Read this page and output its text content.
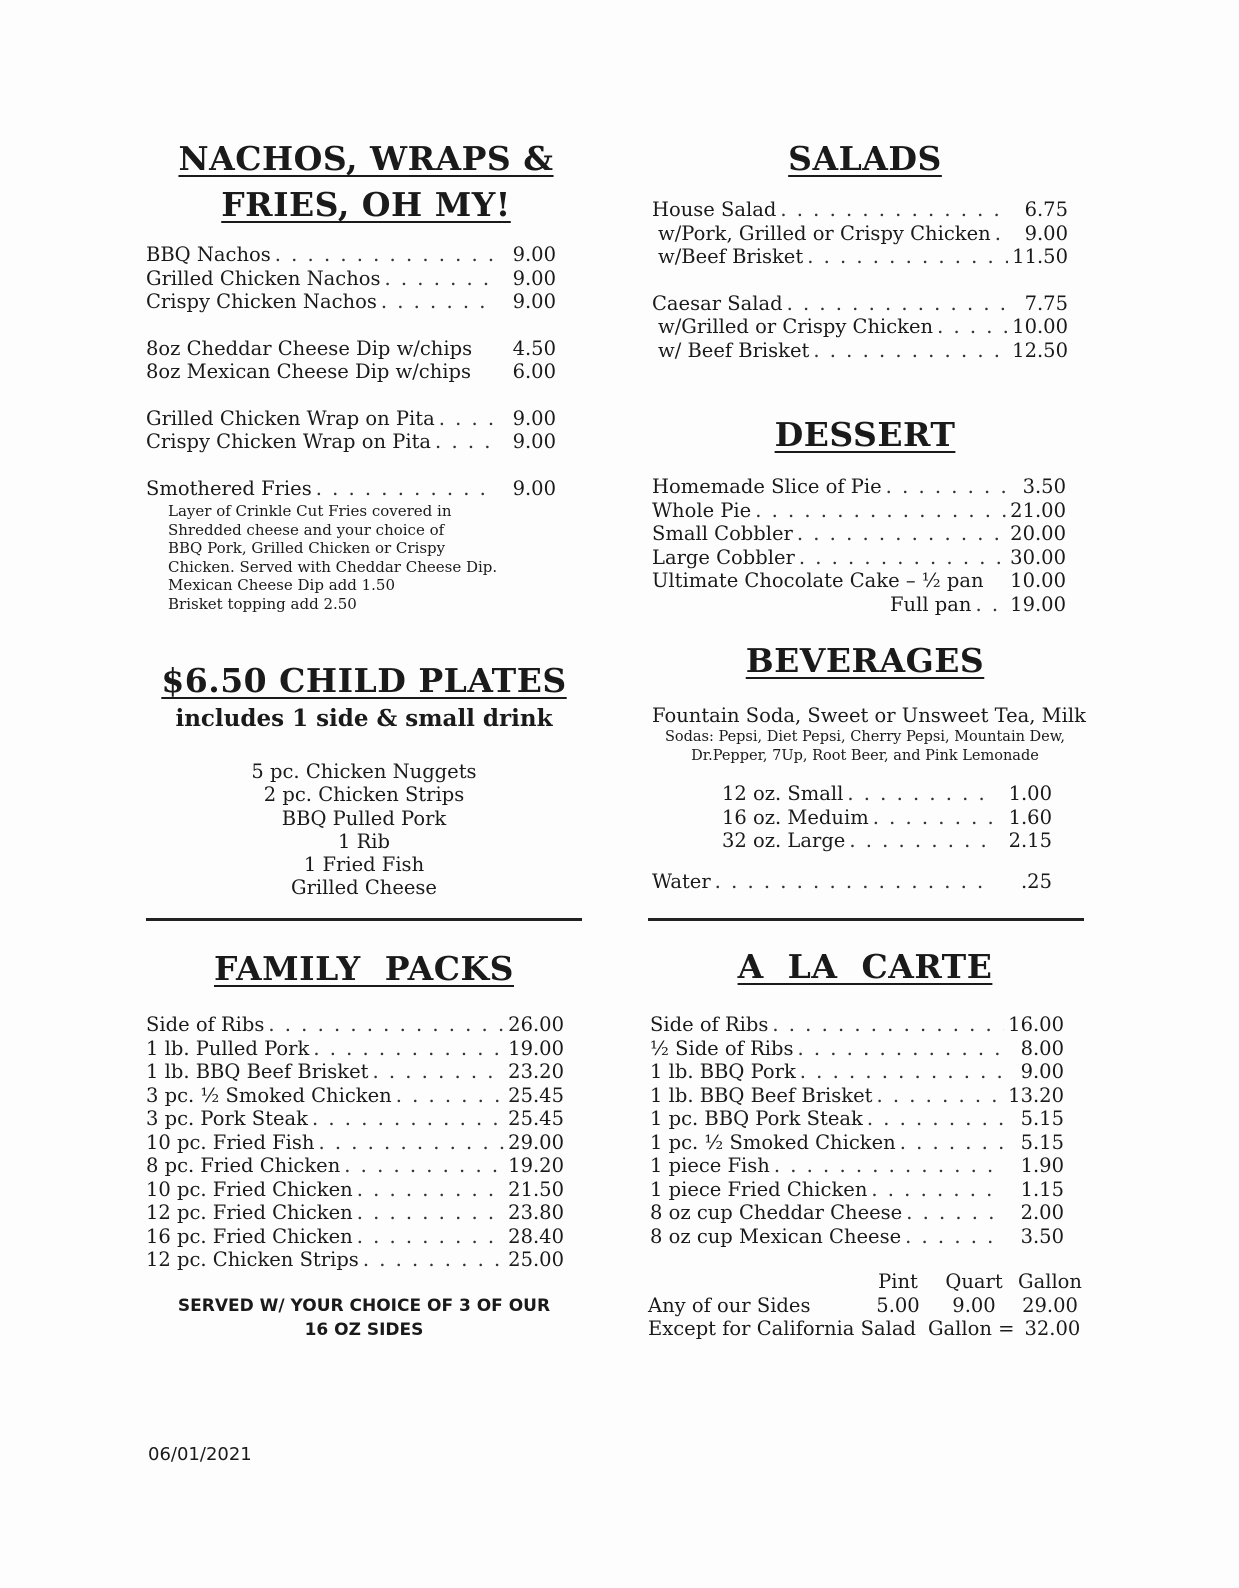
NACHOS, WRAPS &
FRIES, OH MY!
BBQ Nachos . . .	9.00
Grilled Chicken Nachos . . .	9.00
Crispy Chicken Nachos . . .	9.00
8oz Cheddar Cheese Dip w/chips	4.50
8oz Mexican Cheese Dip w/chips	6.00
Grilled Chicken Wrap on Pita . . .	9.00
Crispy Chicken Wrap on Pita . . .	9.00
Smothered Fries . . .	9.00
Layer of Crinkle Cut Fries covered in
Shredded cheese and your choice of
BBQ Pork, Grilled Chicken or Crispy
Chicken. Served with Cheddar Cheese Dip.
Mexican Cheese Dip add 1.50
Brisket topping add 2.50
$6.50 CHILD PLATES
includes 1 side & small drink
5 pc. Chicken Nuggets
2 pc. Chicken Strips
BBQ Pulled Pork
1 Rib
1 Fried Fish
Grilled Cheese
FAMILY  PACKS
Side of Ribs . . .	26.00
1 lb. Pulled Pork . . .	19.00
1 lb. BBQ Beef Brisket . . .	23.20
3 pc. ½ Smoked Chicken . . .	25.45
3 pc. Pork Steak . . .	25.45
10 pc. Fried Fish . . .	29.00
8 pc. Fried Chicken . . .	19.20
10 pc. Fried Chicken . . .	21.50
12 pc. Fried Chicken . . .	23.80
16 pc. Fried Chicken . . .	28.40
12 pc. Chicken Strips . . .	25.00
SERVED W/ YOUR CHOICE OF 3 OF OUR
16 OZ SIDES
SALADS
House Salad . . .	6.75
w/Pork, Grilled or Crispy Chicken . . .	9.00
w/Beef Brisket . . .	11.50
Caesar Salad . . .	7.75
w/Grilled or Crispy Chicken . . .	10.00
w/ Beef Brisket . . .	12.50
DESSERT
Homemade Slice of Pie . . .	3.50
Whole Pie . . .	21.00
Small Cobbler . . .	20.00
Large Cobbler . . .	30.00
Ultimate Chocolate Cake – ½ pan 10.00
Full pan . . . 19.00
BEVERAGES
Fountain Soda, Sweet or Unsweet Tea, Milk
Sodas: Pepsi, Diet Pepsi, Cherry Pepsi, Mountain Dew,
Dr.Pepper, 7Up, Root Beer, and Pink Lemonade
12 oz. Small . . .	1.00
16 oz. Meduim . . .	1.60
32 oz. Large . . .	2.15
Water . . .	.25
A  LA  CARTE
Side of Ribs . . .	16.00
½ Side of Ribs . . .	8.00
1 lb. BBQ Pork . . .	9.00
1 lb. BBQ Beef Brisket . . .	13.20
1 pc. BBQ Pork Steak . . .	5.15
1 pc. ½ Smoked Chicken . . .	5.15
1 piece Fish . . .	1.90
1 piece Fried Chicken . . .	1.15
8 oz cup Cheddar Cheese . . .	2.00
8 oz cup Mexican Cheese . . .	3.50
	Pint	Quart	Gallon
Any of our Sides	5.00	9.00	29.00
Except for California Salad Gallon = 32.00
06/01/2021
